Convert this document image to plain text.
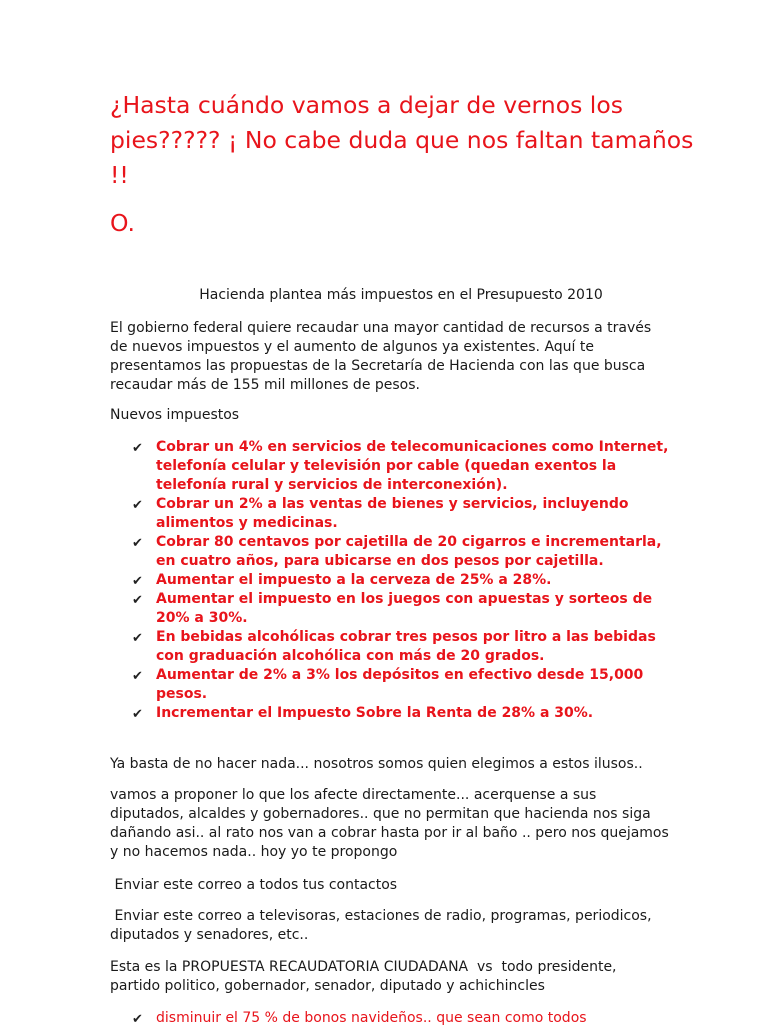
¿Hasta cuándo vamos a dejar de vernos los pies????? ¡ No cabe duda que nos faltan tamaños !!

O.

Hacienda plantea más impuestos en el Presupuesto 2010

El gobierno federal quiere recaudar una mayor cantidad de recursos a través de nuevos impuestos y el aumento de algunos ya existentes. Aquí te presentamos las propuestas de la Secretaría de Hacienda con las que busca recaudar más de 155 mil millones de pesos.

Nuevos impuestos

✔ Cobrar un 4% en servicios de telecomunicaciones como Internet, telefonía celular y televisión por cable (quedan exentos la telefonía rural y servicios de interconexión).
✔ Cobrar un 2% a las ventas de bienes y servicios, incluyendo alimentos y medicinas.
✔ Cobrar 80 centavos por cajetilla de 20 cigarros e incrementarla, en cuatro años, para ubicarse en dos pesos por cajetilla.
✔ Aumentar el impuesto a la cerveza de 25% a 28%.
✔ Aumentar el impuesto en los juegos con apuestas y sorteos de 20% a 30%.
✔ En bebidas alcohólicas cobrar tres pesos por litro a las bebidas con graduación alcohólica con más de 20 grados.
✔ Aumentar de 2% a 3% los depósitos en efectivo desde 15,000 pesos.
✔ Incrementar el Impuesto Sobre la Renta de 28% a 30%.

Ya basta de no hacer nada... nosotros somos quien elegimos a estos ilusos..

vamos a proponer lo que los afecte directamente... acerquense a sus diputados, alcaldes y gobernadores.. que no permitan que hacienda nos siga dañando asi.. al rato nos van a cobrar hasta por ir al baño .. pero nos quejamos y no hacemos nada.. hoy yo te propongo

Enviar este correo a todos tus contactos

Enviar este correo a televisoras, estaciones de radio, programas, periodicos, diputados y senadores, etc..

Esta es la PROPUESTA RECAUDATORIA CIUDADANA  vs  todo presidente, partido politico, gobernador, senador, diputado y achichincles

✔ disminuir el 75 % de bonos navideños.. que sean como todos
